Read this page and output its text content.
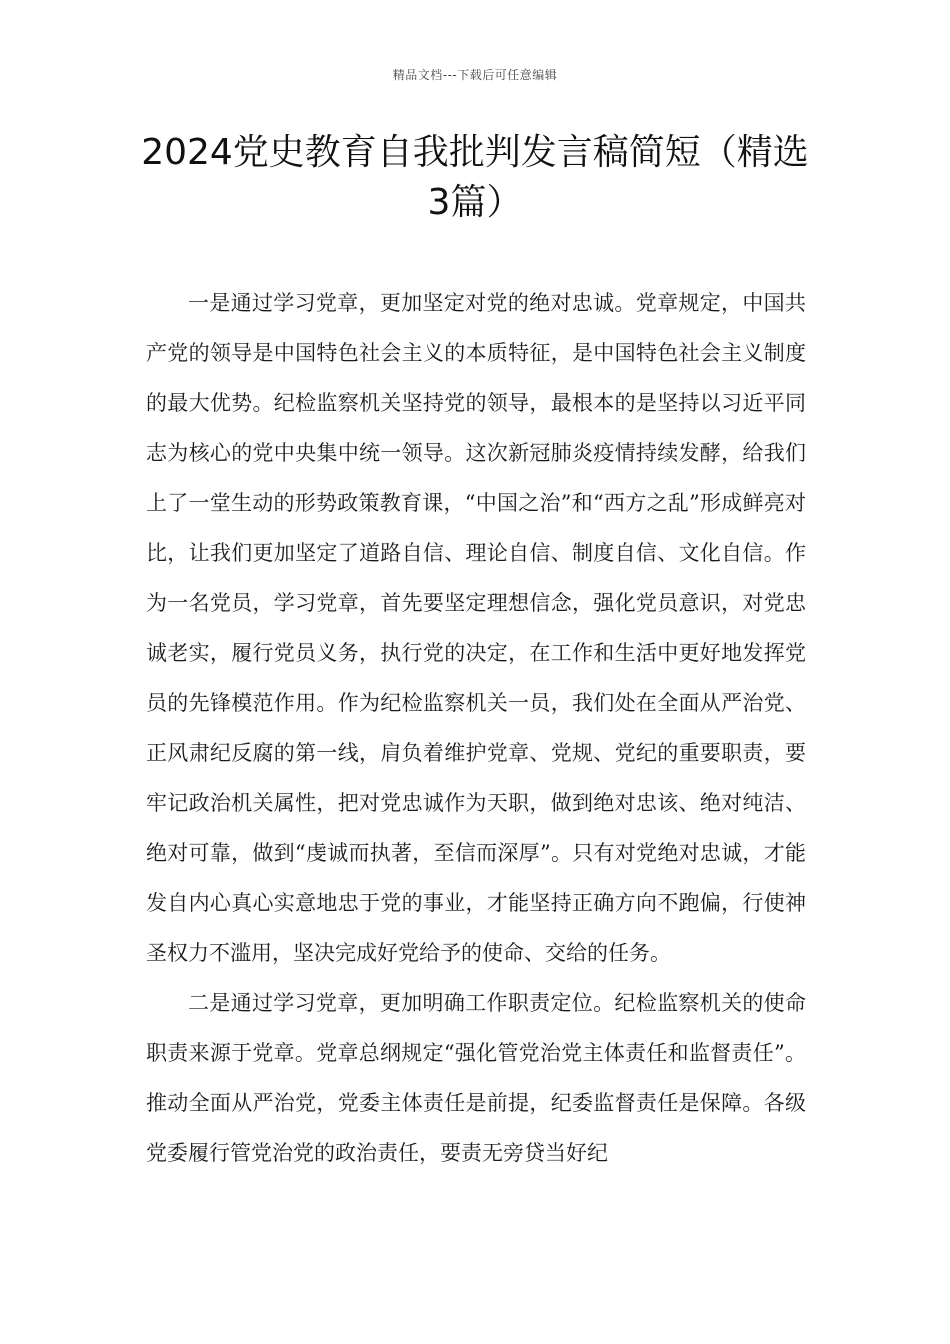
精品文档---下载后可任意编辑
2024党史教育自我批判发言稿简短（精选3篇）

一是通过学习党章，更加坚定对党的绝对忠诚。党章规定，中国共产党的领导是中国特色社会主义的本质特征，是中国特色社会主义制度的最大优势。纪检监察机关坚持党的领导，最根本的是坚持以习近平同志为核心的党中央集中统一领导。这次新冠肺炎疫情持续发酵，给我们上了一堂生动的形势政策教育课，“中国之治”和“西方之乱”形成鲜亮对比，让我们更加坚定了道路自信、理论自信、制度自信、文化自信。作为一名党员，学习党章，首先要坚定理想信念，强化党员意识，对党忠诚老实，履行党员义务，执行党的决定，在工作和生活中更好地发挥党员的先锋模范作用。作为纪检监察机关一员，我们处在全面从严治党、正风肃纪反腐的第一线，肩负着维护党章、党规、党纪的重要职责，要牢记政治机关属性，把对党忠诚作为天职，做到绝对忠该、绝对纯洁、绝对可靠，做到“虔诚而执著，至信而深厚”。只有对党绝对忠诚，才能发自内心真心实意地忠于党的事业，才能坚持正确方向不跑偏，行使神圣权力不滥用，坚决完成好党给予的使命、交给的任务。

二是通过学习党章，更加明确工作职责定位。纪检监察机关的使命职责来源于党章。党章总纲规定“强化管党治党主体责任和监督责任”。推动全面从严治党，党委主体责任是前提，纪委监督责任是保障。各级党委履行管党治党的政治责任，要责无旁贷当好纪
